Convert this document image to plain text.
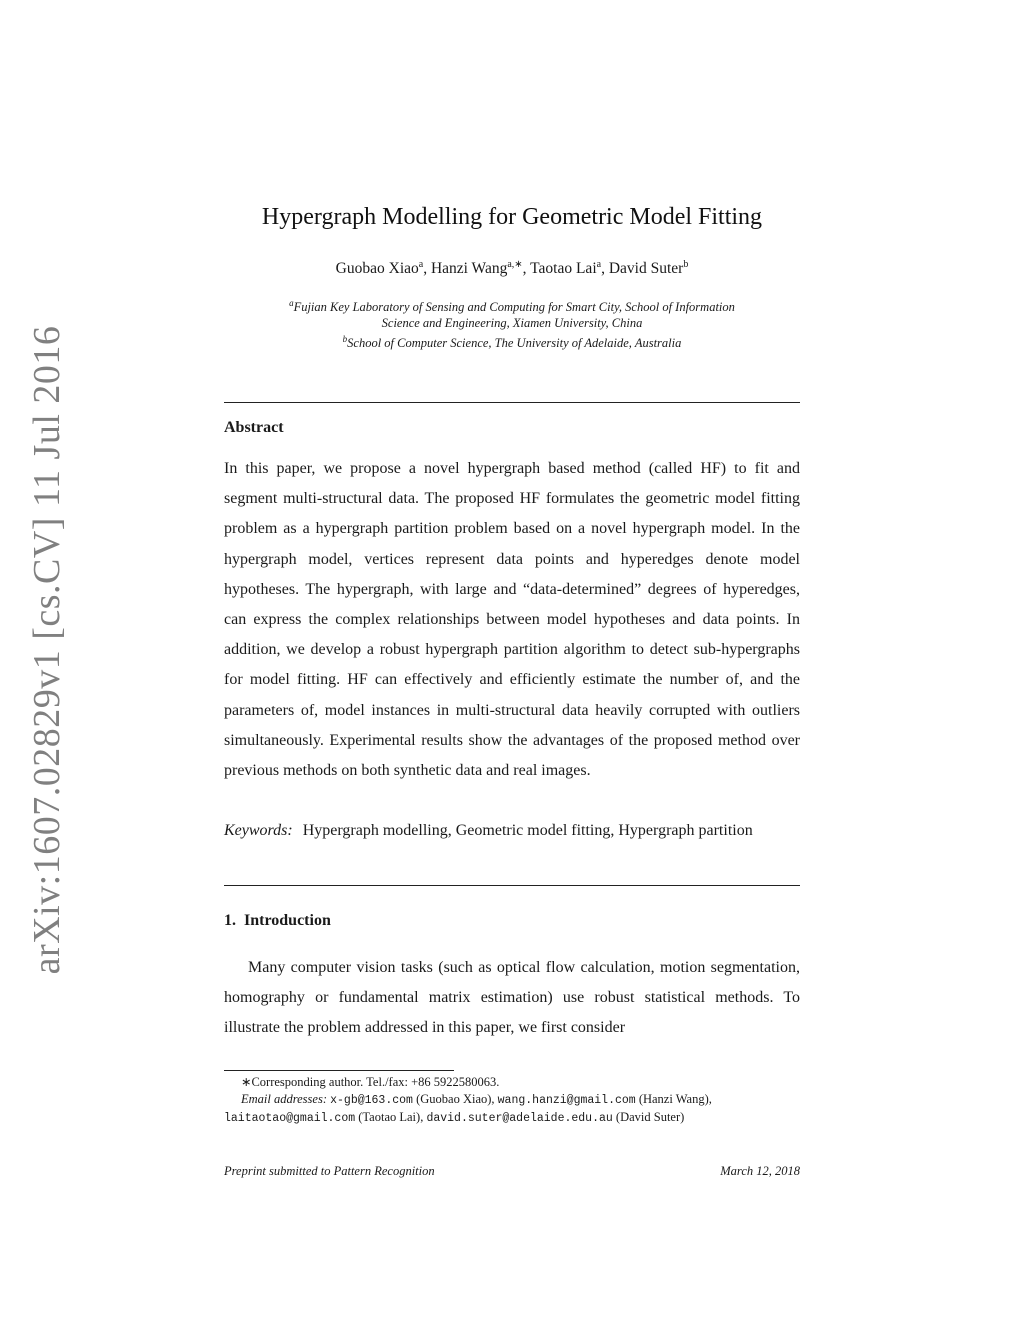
arXiv:1607.02829v1 [cs.CV] 11 Jul 2016
Hypergraph Modelling for Geometric Model Fitting
Guobao Xiao$^a$, Hanzi Wang$^{a,∗}$, Taotao Lai$^a$, David Suter$^b$
$^a$Fujian Key Laboratory of Sensing and Computing for Smart City, School of Information
Science and Engineering, Xiamen University, China
$^b$School of Computer Science, The University of Adelaide, Australia
Abstract
In this paper, we propose a novel hypergraph based method (called HF) to fit and segment multi-structural data. The proposed HF formulates the geometric model fitting problem as a hypergraph partition problem based on a novel hypergraph model. In the hypergraph model, vertices represent data points and hyperedges denote model hypotheses. The hypergraph, with large and “data-determined” degrees of hyperedges, can express the complex relationships between model hypotheses and data points. In addition, we develop a robust hypergraph partition algorithm to detect sub-hypergraphs for model fitting. HF can effectively and efficiently estimate the number of, and the parameters of, model instances in multi-structural data heavily corrupted with outliers simultaneously. Experimental results show the advantages of the proposed method over previous methods on both synthetic data and real images.
Keywords: Hypergraph modelling, Geometric model fitting, Hypergraph partition
1. Introduction
Many computer vision tasks (such as optical flow calculation, motion segmentation, homography or fundamental matrix estimation) use robust statistical methods. To illustrate the problem addressed in this paper, we first consider
∗Corresponding author. Tel./fax: +86 5922580063.
Email addresses: x-gb@163.com (Guobao Xiao), wang.hanzi@gmail.com (Hanzi Wang),
laitaotao@gmail.com (Taotao Lai), david.suter@adelaide.edu.au (David Suter)
Preprint submitted to Pattern Recognition	March 12, 2018
